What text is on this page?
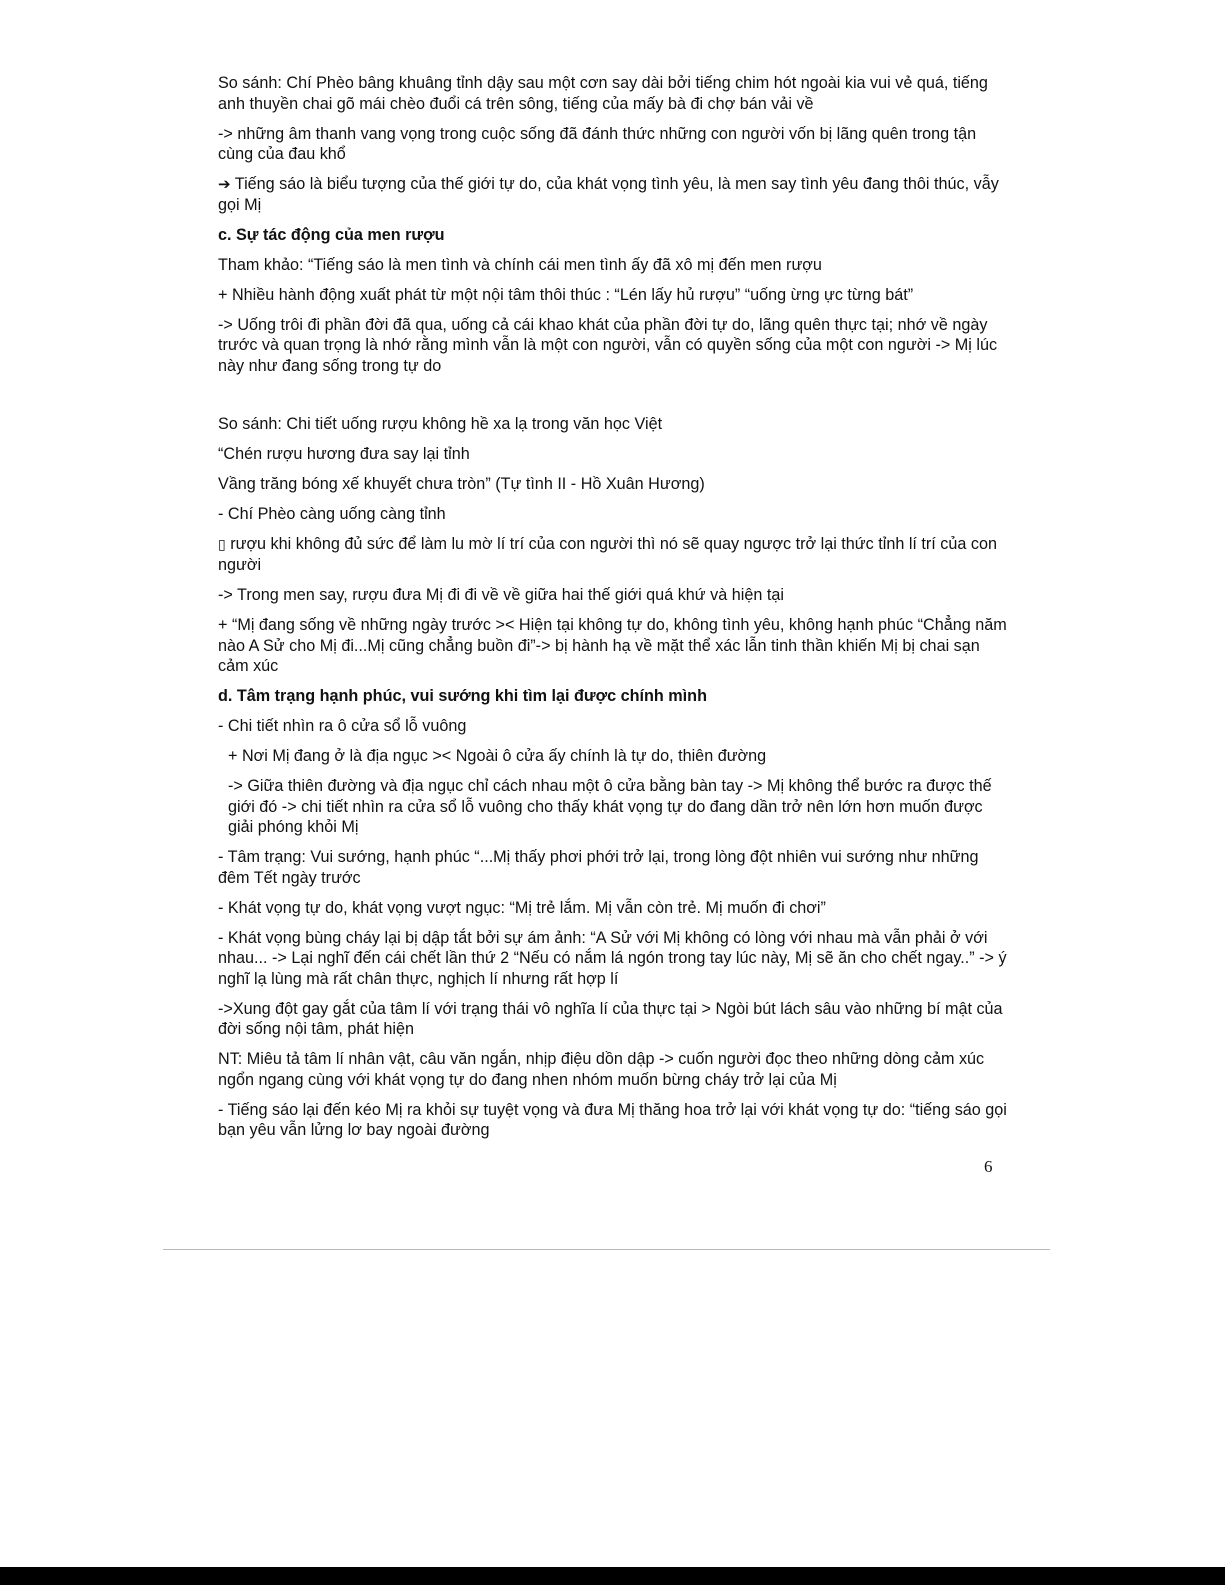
So sánh: Chí Phèo bâng khuâng tỉnh dậy sau một cơn say dài bởi tiếng chim hót ngoài kia vui vẻ quá, tiếng anh thuyền chai gõ mái chèo đuổi cá trên sông, tiếng của mấy bà đi chợ bán vải về

-> những âm thanh vang vọng trong cuộc sống đã đánh thức những con người vốn bị lãng quên trong tận cùng của đau khổ

➔ Tiếng sáo là biểu tượng của thế giới tự do, của khát vọng tình yêu, là men say tình yêu đang thôi thúc, vẫy gọi Mị

c. Sự tác động của men rượu

Tham khảo: “Tiếng sáo là men tình và chính cái men tình ấy đã xô mị đến men rượu

+ Nhiều hành động xuất phát từ một nội tâm thôi thúc : “Lén lấy hủ rượu” “uống ừng ực từng bát”

-> Uống trôi đi phần đời đã qua, uống cả cái khao khát của phần đời tự do, lãng quên thực tại; nhớ về ngày trước và quan trọng là nhớ rằng mình vẫn là một con người, vẫn có quyền sống của một con người -> Mị lúc này như đang sống trong tự do

So sánh: Chi tiết uống rượu không hề xa lạ trong văn học Việt

“Chén rượu hương đưa say lại tỉnh

Vầng trăng bóng xế khuyết chưa tròn” (Tự tình II - Hồ Xuân Hương)

- Chí Phèo càng uống càng tỉnh

▯ rượu khi không đủ sức để làm lu mờ lí trí của con người thì nó sẽ quay ngược trở lại thức tỉnh lí trí của con người

-> Trong men say, rượu đưa Mị đi đi về về giữa hai thế giới quá khứ và hiện tại

+ “Mị đang sống về những ngày trước >< Hiện tại không tự do, không tình yêu, không hạnh phúc “Chẳng năm nào A Sử cho Mị đi...Mị cũng chẳng buồn đi”-> bị hành hạ về mặt thể xác lẫn tinh thần khiến Mị bị chai sạn cảm xúc

d. Tâm trạng hạnh phúc, vui sướng khi tìm lại được chính mình

- Chi tiết nhìn ra ô cửa sổ lỗ vuông

+ Nơi Mị đang ở là địa ngục >< Ngoài ô cửa ấy chính là tự do, thiên đường

-> Giữa thiên đường và địa ngục chỉ cách nhau một ô cửa bằng bàn tay -> Mị không thể bước ra được thế giới đó -> chi tiết nhìn ra cửa sổ lỗ vuông cho thấy khát vọng tự do đang dần trở nên lớn hơn muốn được giải phóng khỏi Mị

- Tâm trạng: Vui sướng, hạnh phúc “...Mị thấy phơi phới trở lại, trong lòng đột nhiên vui sướng như những đêm Tết ngày trước

- Khát vọng tự do, khát vọng vượt ngục: “Mị trẻ lắm. Mị vẫn còn trẻ. Mị muốn đi chơi”

- Khát vọng bùng cháy lại bị dập tắt bởi sự ám ảnh: “A Sử với Mị không có lòng với nhau mà vẫn phải ở với nhau... -> Lại nghĩ đến cái chết lần thứ 2 “Nếu có nắm lá ngón trong tay lúc này, Mị sẽ ăn cho chết ngay..” -> ý nghĩ lạ lùng mà rất chân thực, nghịch lí nhưng rất hợp lí

->Xung đột gay gắt của tâm lí với trạng thái vô nghĩa lí của thực tại > Ngòi bút lách sâu vào những bí mật của đời sống nội tâm, phát hiện

NT: Miêu tả tâm lí nhân vật, câu văn ngắn, nhịp điệu dồn dập -> cuốn người đọc theo những dòng cảm xúc ngổn ngang cùng với khát vọng tự do đang nhen nhóm muốn bừng cháy trở lại của Mị

- Tiếng sáo lại đến kéo Mị ra khỏi sự tuyệt vọng và đưa Mị thăng hoa trở lại với khát vọng tự do: “tiếng sáo gọi bạn yêu vẫn lửng lơ bay ngoài đường

6
